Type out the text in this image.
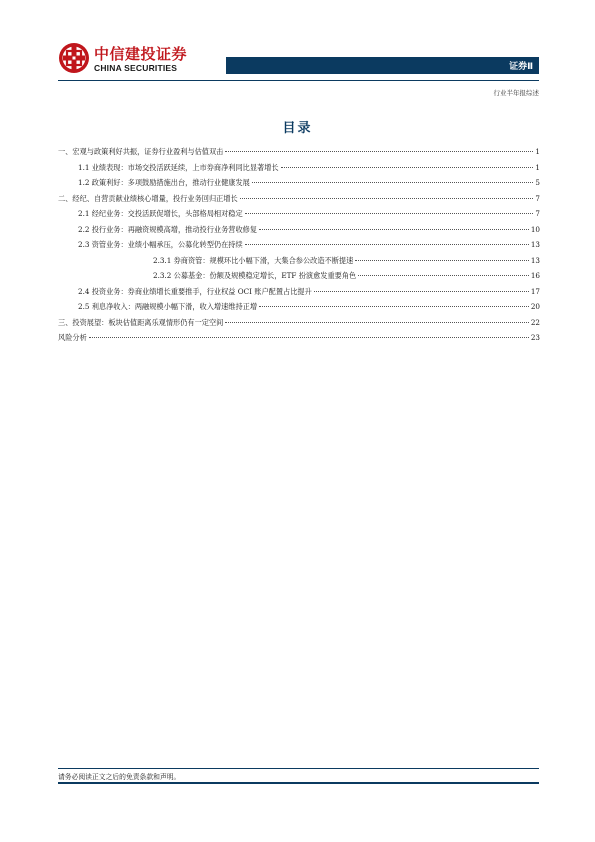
中信建投证券
CHINA SECURITIES	证券Ⅱ
行业半年报综述
目录
一、宏观与政策利好共振，证券行业盈利与估值双击	1
1.1 业绩表现：市场交投活跃延续，上市券商净利同比显著增长	1
1.2 政策利好：多项鼓励措施出台，推动行业健康发展	5
二、经纪、自营贡献业绩核心增量，投行业务回归正增长	7
2.1 经纪业务：交投活跃促增长，头部格局相对稳定	7
2.2 投行业务：再融资规模高增，推动投行业务营收修复	10
2.3 资管业务：业绩小幅承压，公募化转型仍在持续	13
2.3.1 券商资管：规模环比小幅下滑，大集合参公改造不断提速	13
2.3.2 公募基金：份额及规模稳定增长，ETF 扮演愈发重要角色	16
2.4 投资业务：券商业绩增长重要推手，行业权益 OCI 账户配置占比提升	17
2.5 利息净收入：两融规模小幅下滑，收入增速维持正增	20
三、投资展望：板块估值距离乐观情形仍有一定空间	22
风险分析	23
请务必阅读正文之后的免责条款和声明。
